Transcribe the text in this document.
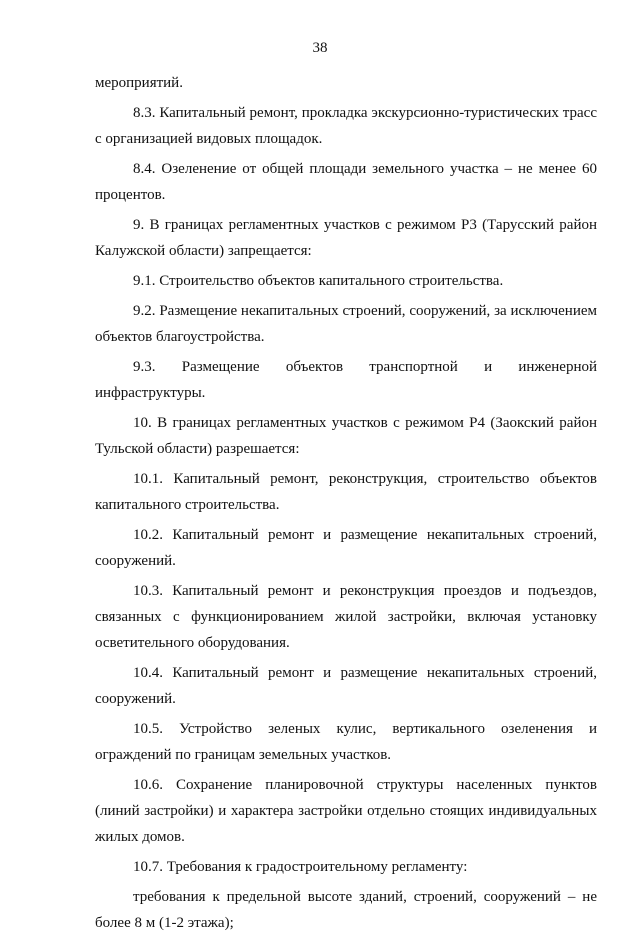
38

мероприятий.

8.3. Капитальный ремонт, прокладка экскурсионно-туристических трасс с организацией видовых площадок.

8.4. Озеленение от общей площади земельного участка – не менее 60 процентов.

9. В границах регламентных участков с режимом Р3 (Тарусский район Калужской области) запрещается:

9.1. Строительство объектов капитального строительства.

9.2. Размещение некапитальных строений, сооружений, за исключением объектов благоустройства.

9.3. Размещение объектов транспортной и инженерной инфраструктуры.

10. В границах регламентных участков с режимом Р4 (Заокский район Тульской области) разрешается:

10.1. Капитальный ремонт, реконструкция, строительство объектов капитального строительства.

10.2. Капитальный ремонт и размещение некапитальных строений, сооружений.

10.3. Капитальный ремонт и реконструкция проездов и подъездов, связанных с функционированием жилой застройки, включая установку осветительного оборудования.

10.4. Капитальный ремонт и размещение некапитальных строений, сооружений.

10.5. Устройство зеленых кулис, вертикального озеленения и ограждений по границам земельных участков.

10.6. Сохранение планировочной структуры населенных пунктов (линий застройки) и характера застройки отдельно стоящих индивидуальных жилых домов.

10.7. Требования к градостроительному регламенту:

требования к предельной высоте зданий, строений, сооружений – не более 8 м (1-2 этажа);
